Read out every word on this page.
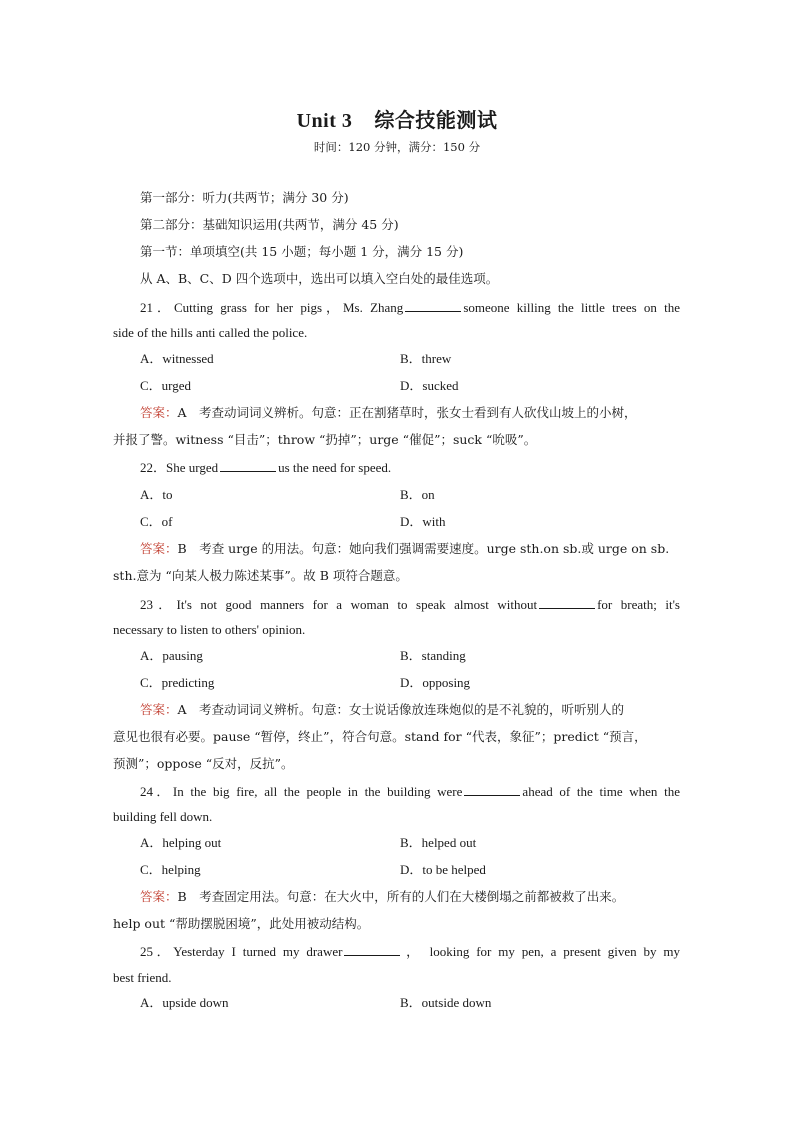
Unit 3 综合技能测试
时间：120 分钟，满分：150 分
第一部分：听力(共两节；满分 30 分)
第二部分：基础知识运用(共两节，满分 45 分)
第一节：单项填空(共 15 小题；每小题 1 分，满分 15 分)
从 A、B、C、D 四个选项中，选出可以填入空白处的最佳选项。
21．Cutting grass for her pigs，Ms. Zhang	someone killing the little trees on the
side of the hills anti called the police.
A．witnessed	B．threw
C．urged	D．sucked
答案：A　考查动词词义辨析。句意：正在割猪草时，张女士看到有人砍伐山坡上的小树，
并报了警。witness “目击”；throw “扔掉”；urge “催促”；suck “吮吸”。
22．She urged	us the need for speed.
A．to	B．on
C．of	D．with
答案：B　考查 urge 的用法。句意：她向我们强调需要速度。urge sth.on sb.或 urge on sb.
sth.意为 “向某人极力陈述某事”。故 B 项符合题意。
23．It's not good manners for a woman to speak almost without	for breath; it's
necessary to listen to others' opinion.
A．pausing	B．standing
C．predicting	D．opposing
答案：A　考查动词词义辨析。句意：女士说话像放连珠炮似的是不礼貌的，听听别人的
意见也很有必要。pause “暂停，终止”，符合句意。stand for “代表，象征”；predict “预言，
预测”；oppose “反对，反抗”。
24．In the big fire, all the people in the building were	ahead of the time when the
building fell down.
A．helping out	B．helped out
C．helping	D．to be helped
答案：B　考查固定用法。句意：在大火中，所有的人们在大楼倒塌之前都被救了出来。
help out “帮助摆脱困境”，此处用被动结构。
25．Yesterday I turned my drawer	， looking for my pen, a present given by my
best friend.
A．upside down	B．outside down
